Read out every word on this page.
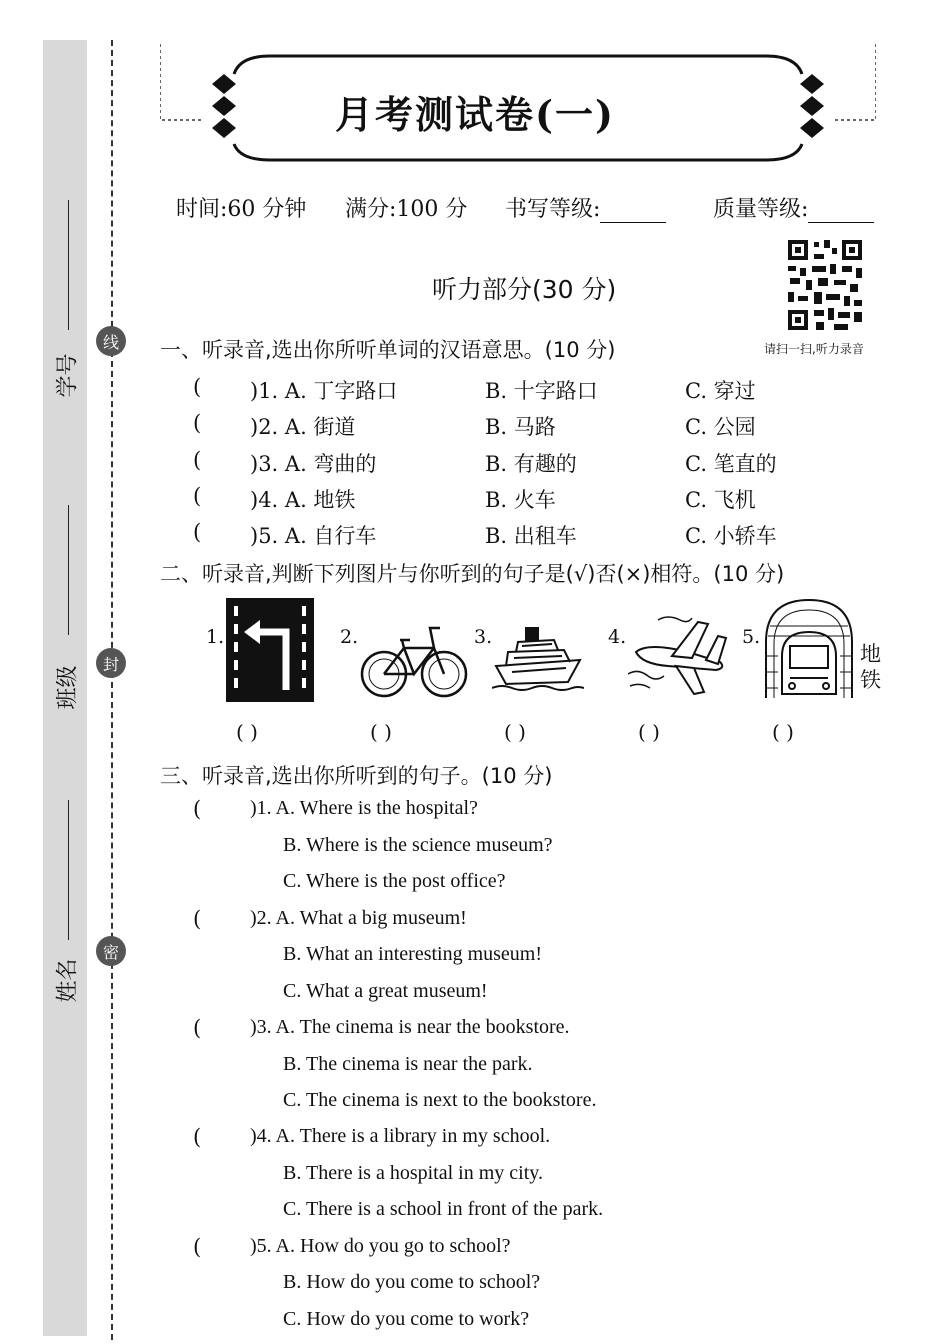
学号
班级
姓名
线
封
密
月考测试卷(一)
时间:60 分钟 满分:100 分 书写等级:	质量等级:
听力部分(30 分)
请扫一扫,听力录音
一、听录音,选出你所听单词的汉语意思。(10 分)
( )1. A. 丁字路口	B. 十字路口	C. 穿过
( )2. A. 街道	B. 马路	C. 公园
( )3. A. 弯曲的	B. 有趣的	C. 笔直的
( )4. A. 地铁	B. 火车	C. 飞机
( )5. A. 自行车	B. 出租车	C. 小轿车
二、听录音,判断下列图片与你听到的句子是(√)否(×)相符。(10 分)
1.	2.	3.	4.	5.
地
铁
( )	( )	( )	( )	( )
三、听录音,选出你所听到的句子。(10 分)
( )1. A. Where is the hospital?
B. Where is the science museum?
C. Where is the post office?
( )2. A. What a big museum!
B. What an interesting museum!
C. What a great museum!
( )3. A. The cinema is near the bookstore.
B. The cinema is near the park.
C. The cinema is next to the bookstore.
( )4. A. There is a library in my school.
B. There is a hospital in my city.
C. There is a school in front of the park.
( )5. A. How do you go to school?
B. How do you come to school?
C. How do you come to work?
